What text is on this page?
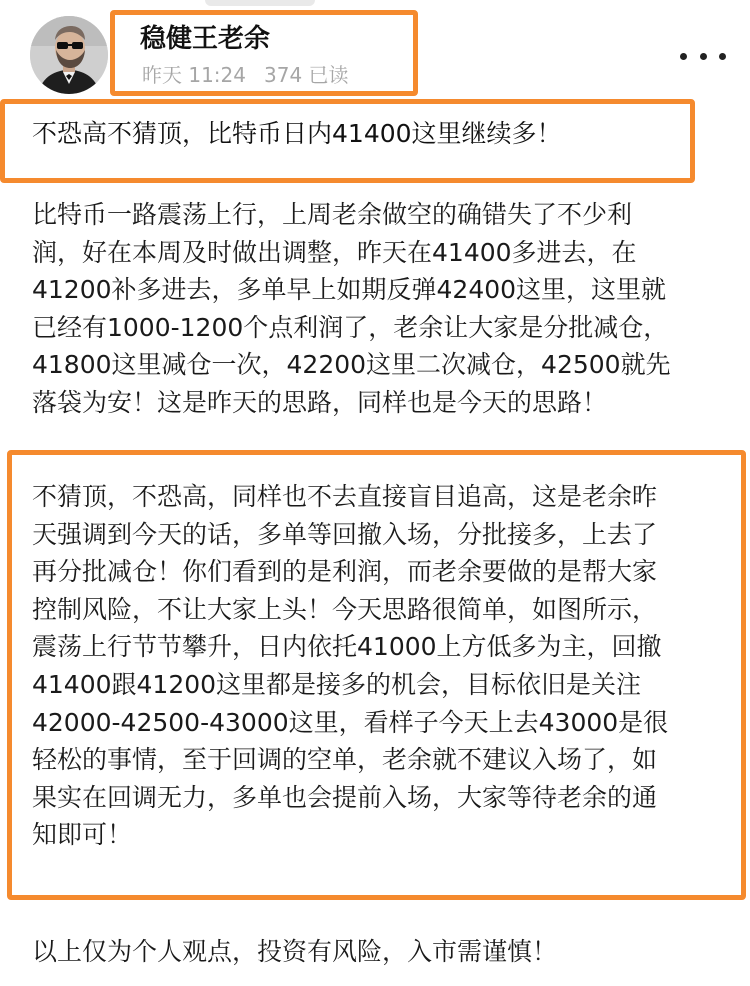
稳健王老余
昨天 11:24 374 已读
不恐高不猜顶，比特币日内41400这里继续多！
比特币一路震荡上行，上周老余做空的确错失了不少利
润，好在本周及时做出调整，昨天在41400多进去，在
41200补多进去，多单早上如期反弹42400这里，这里就
已经有1000-1200个点利润了，老余让大家是分批减仓，
41800这里减仓一次，42200这里二次减仓，42500就先
落袋为安！这是昨天的思路，同样也是今天的思路！
不猜顶，不恐高，同样也不去直接盲目追高，这是老余昨
天强调到今天的话，多单等回撤入场，分批接多，上去了
再分批减仓！你们看到的是利润，而老余要做的是帮大家
控制风险，不让大家上头！今天思路很简单，如图所示，
震荡上行节节攀升，日内依托41000上方低多为主，回撤
41400跟41200这里都是接多的机会，目标依旧是关注
42000-42500-43000这里，看样子今天上去43000是很
轻松的事情，至于回调的空单，老余就不建议入场了，如
果实在回调无力，多单也会提前入场，大家等待老余的通
知即可！
以上仅为个人观点，投资有风险，入市需谨慎！
